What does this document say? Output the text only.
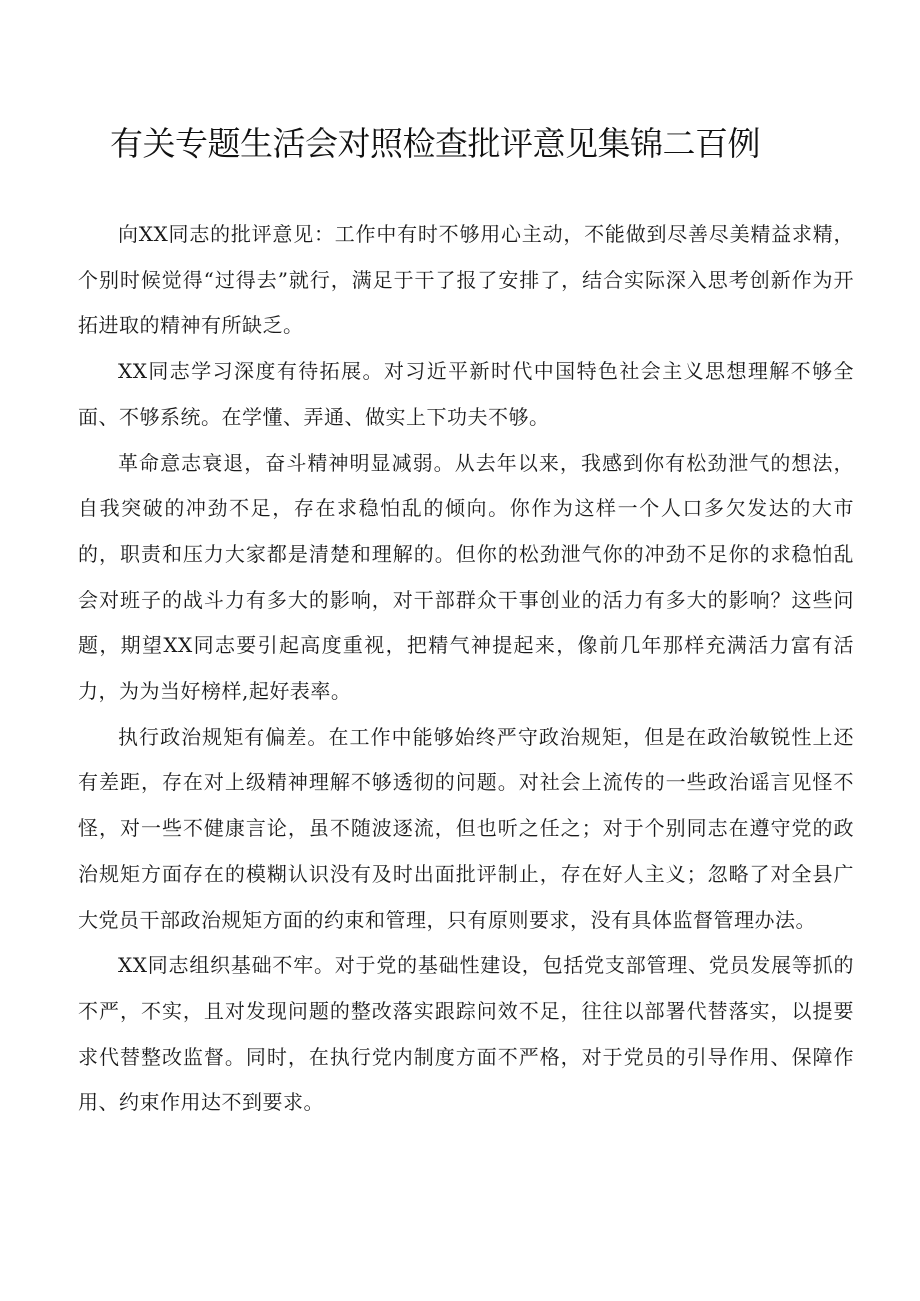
有关专题生活会对照检查批评意见集锦二百例

向XX同志的批评意见：工作中有时不够用心主动，不能做到尽善尽美精益求精，个别时候觉得“过得去”就行，满足于干了报了安排了，结合实际深入思考创新作为开拓进取的精神有所缺乏。

XX同志学习深度有待拓展。对习近平新时代中国特色社会主义思想理解不够全面、不够系统。在学懂、弄通、做实上下功夫不够。

革命意志衰退，奋斗精神明显减弱。从去年以来，我感到你有松劲泄气的想法，自我突破的冲劲不足，存在求稳怕乱的倾向。你作为这样一个人口多欠发达的大市的，职责和压力大家都是清楚和理解的。但你的松劲泄气你的冲劲不足你的求稳怕乱会对班子的战斗力有多大的影响，对干部群众干事创业的活力有多大的影响？这些问题，期望XX同志要引起高度重视，把精气神提起来，像前几年那样充满活力富有活力，为为当好榜样,起好表率。

执行政治规矩有偏差。在工作中能够始终严守政治规矩，但是在政治敏锐性上还有差距，存在对上级精神理解不够透彻的问题。对社会上流传的一些政治谣言见怪不怪，对一些不健康言论，虽不随波逐流，但也听之任之；对于个别同志在遵守党的政治规矩方面存在的模糊认识没有及时出面批评制止，存在好人主义；忽略了对全县广大党员干部政治规矩方面的约束和管理，只有原则要求，没有具体监督管理办法。

XX同志组织基础不牢。对于党的基础性建设，包括党支部管理、党员发展等抓的不严，不实，且对发现问题的整改落实跟踪问效不足，往往以部署代替落实，以提要求代替整改监督。同时，在执行党内制度方面不严格，对于党员的引导作用、保障作用、约束作用达不到要求。
